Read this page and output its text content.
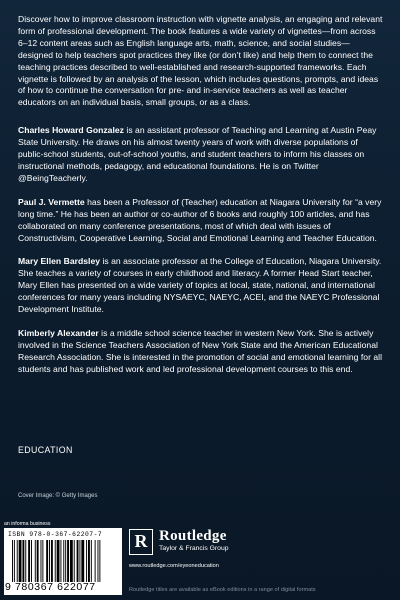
Discover how to improve classroom instruction with vignette analysis, an engaging and relevant form of professional development. The book features a wide variety of vignettes—from across 6–12 content areas such as English language arts, math, science, and social studies—designed to help teachers spot practices they like (or don’t like) and help them to connect the teaching practices described to well-established and research-supported frameworks. Each vignette is followed by an analysis of the lesson, which includes questions, prompts, and ideas of how to continue the conversation for pre- and in-service teachers as well as teacher educators on an individual basis, small groups, or as a class.

Charles Howard Gonzalez is an assistant professor of Teaching and Learning at Austin Peay State University. He draws on his almost twenty years of work with diverse populations of public-school students, out-of-school youths, and student teachers to inform his classes on instructional methods, pedagogy, and educational foundations. He is on Twitter @BeingTeacherly.

Paul J. Vermette has been a Professor of (Teacher) education at Niagara University for “a very long time.” He has been an author or co-author of 6 books and roughly 100 articles, and has collaborated on many conference presentations, most of which deal with issues of Constructivism, Cooperative Learning, Social and Emotional Learning and Teacher Education.

Mary Ellen Bardsley is an associate professor at the College of Education, Niagara University. She teaches a variety of courses in early childhood and literacy. A former Head Start teacher, Mary Ellen has presented on a wide variety of topics at local, state, national, and international conferences for many years including NYSAEYC, NAEYC, ACEI, and the NAEYC Professional Development Institute.

Kimberly Alexander is a middle school science teacher in western New York. She is actively involved in the Science Teachers Association of New York State and the American Educational Research Association. She is interested in the promotion of social and emotional learning for all students and has published work and led professional development courses to this end.

EDUCATION
Cover Image: © Getty Images
an informa business
ISBN 978-0-367-62207-7
9 780367 622077
R Routledge
Taylor & Francis Group
www.routledge.com/eyeoneducation
Routledge titles are available as eBook editions in a range of digital formats
